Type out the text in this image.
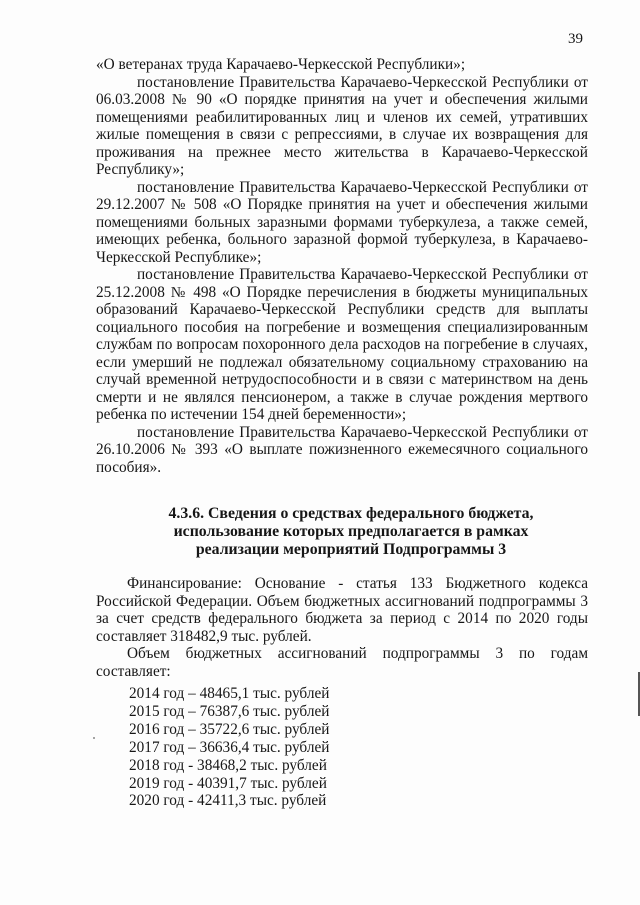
39

«О ветеранах труда Карачаево-Черкесской Республики»;

постановление Правительства Карачаево-Черкесской Республики от 06.03.2008 № 90 «О порядке принятия на учет и обеспечения жилыми помещениями реабилитированных лиц и членов их семей, утративших жилые помещения в связи с репрессиями, в случае их возвращения для проживания на прежнее место жительства в Карачаево-Черкесской Республику»;

постановление Правительства Карачаево-Черкесской Республики от 29.12.2007 № 508 «О Порядке принятия на учет и обеспечения жилыми помещениями больных заразными формами туберкулеза, а также семей, имеющих ребенка, больного заразной формой туберкулеза, в Карачаево-Черкесской Республике»;

постановление Правительства Карачаево-Черкесской Республики от 25.12.2008 № 498 «О Порядке перечисления в бюджеты муниципальных образований Карачаево-Черкесской Республики средств для выплаты социального пособия на погребение и возмещения специализированным службам по вопросам похоронного дела расходов на погребение в случаях, если умерший не подлежал обязательному социальному страхованию на случай временной нетрудоспособности и в связи с материнством на день смерти и не являлся пенсионером, а также в случае рождения мертвого ребенка по истечении 154 дней беременности»;

постановление Правительства Карачаево-Черкесской Республики от 26.10.2006 № 393 «О выплате пожизненного ежемесячного социального пособия».

4.3.6. Сведения о средствах федерального бюджета,
использование которых предполагается в рамках
реализации мероприятий Подпрограммы 3

Финансирование: Основание - статья 133 Бюджетного кодекса Российской Федерации. Объем бюджетных ассигнований подпрограммы 3 за счет средств федерального бюджета за период с 2014 по 2020 годы составляет 318482,9 тыс. рублей.

Объем бюджетных ассигнований подпрограммы 3 по годам составляет:

2014 год – 48465,1 тыс. рублей
2015 год – 76387,6 тыс. рублей
2016 год – 35722,6 тыс. рублей
2017 год – 36636,4 тыс. рублей
2018 год - 38468,2 тыс. рублей
2019 год - 40391,7 тыс. рублей
2020 год - 42411,3 тыс. рублей
